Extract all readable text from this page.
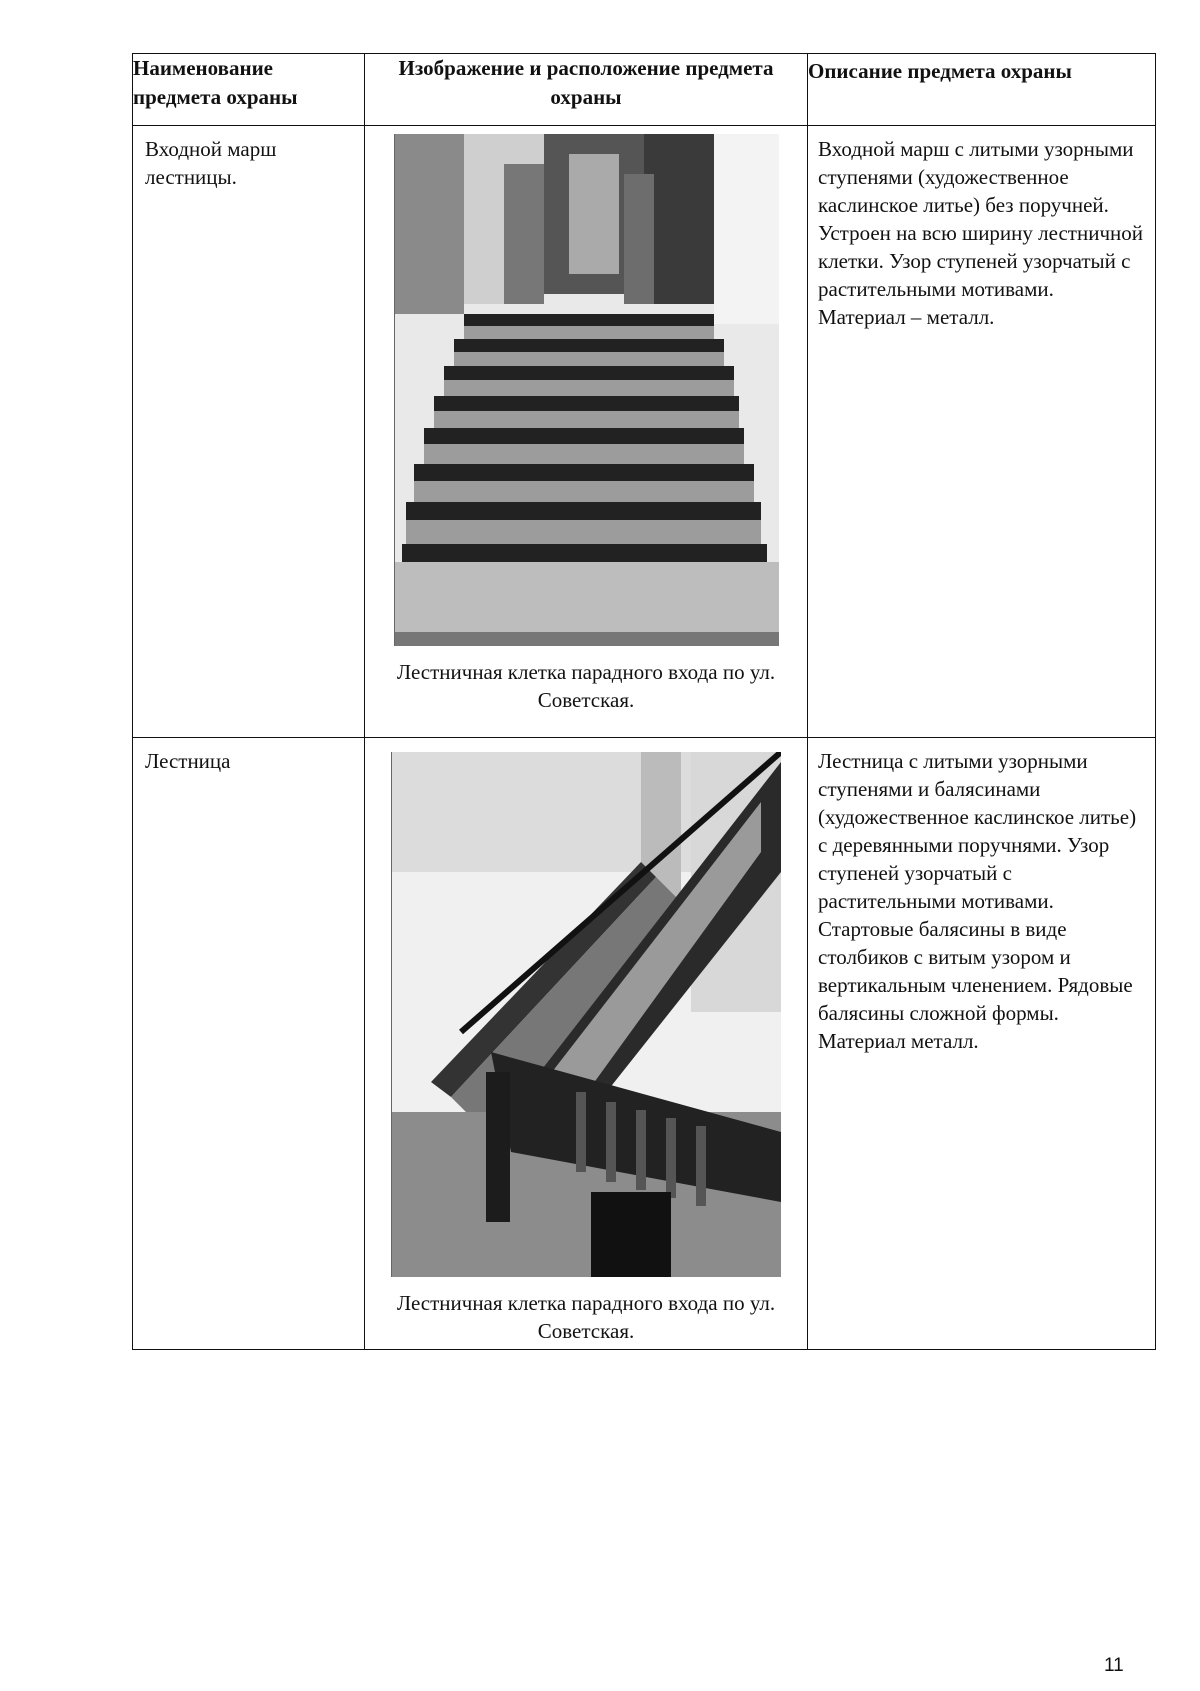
Наименование предмета охраны	Изображение и расположение предмета охраны	Описание предмета охраны

Входной марш лестницы.	Лестничная клетка парадного входа по ул. Советская.	Входной марш с литыми узорными ступенями (художественное каслинское литье) без поручней. Устроен на всю ширину лестничной клетки. Узор ступеней узорчатый с растительными мотивами. Материал – металл.

Лестница	Лестничная клетка парадного входа по ул. Советская.	Лестница с литыми узорными ступенями и балясинами (художественное каслинское литье) с деревянными поручнями. Узор ступеней узорчатый с растительными мотивами. Стартовые балясины в виде столбиков с витым узором и вертикальным членением. Рядовые балясины сложной формы. Материал металл.
11
